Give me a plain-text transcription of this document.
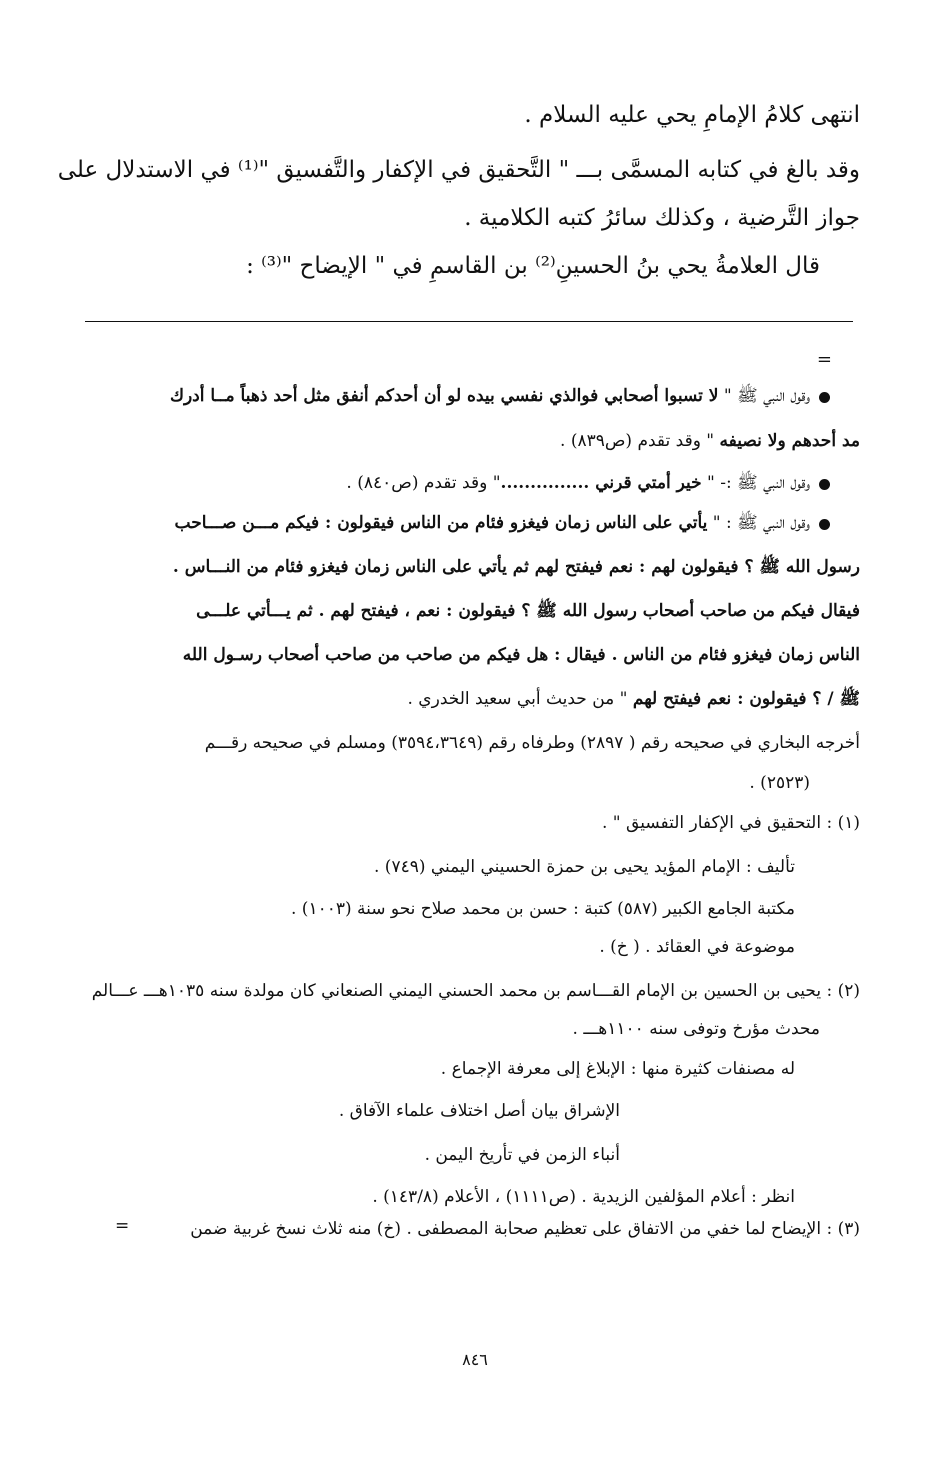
انتهى كلامُ الإمامِ يحي عليه السلام .
وقد بالغ في كتابه المسمَّى بـــ " التَّحقيق في الإكفار والتَّفسيق "⁽¹⁾ في الاستدلال على
جواز التَّرضية ، وكذلك سائرُ كتبه الكلامية .
قال العلامةُ يحي بنُ الحسينِ⁽²⁾ بن القاسمِ في " الإيضاح "⁽³⁾ :
=
وقول النبي ﷺ " لا تسبوا أصحابي فوالذي نفسي بيده لو أن أحدكم أنفق مثل أحد ذهباً مــا أدرك
مد أحدهم ولا نصيفه " وقد تقدم (ص٨٣٩) .
وقول النبي ﷺ :- " خير أمتي قرني ..............." وقد تقدم (ص٨٤٠) .
وقول النبي ﷺ : " يأتي على الناس زمان فيغزو فئام من الناس فيقولون : فيكم مـــن صـــاحب
رسول الله ﷺ ؟ فيقولون لهم : نعم فيفتح لهم ثم يأتي على الناس زمان فيغزو فئام من النـــاس .
فيقال فيكم من صاحب أصحاب رسول الله ﷺ ؟ فيقولون : نعم ، فيفتح لهم . ثم يـــأتي علـــى
الناس زمان فيغزو فئام من الناس . فيقال : هل فيكم من صاحب من صاحب أصحاب رسـول الله
ﷺ / ؟ فيقولون : نعم فيفتح لهم " من حديث أبي سعيد الخدري .
أخرجه البخاري في صحيحه رقم ( ٢٨٩٧) وطرفاه رقم (٣٥٩٤،٣٦٤٩) ومسلم في صحيحه رقـــم
(٢٥٢٣) .
(١) : التحقيق في الإكفار التفسيق " .
تأليف : الإمام المؤيد يحيى بن حمزة الحسيني اليمني (٧٤٩) .
مكتبة الجامع الكبير (٥٨٧) كتبة : حسن بن محمد صلاح نحو سنة (١٠٠٣) .
موضوعة في العقائد . ( خ) .
(٢) : يحيى بن الحسين بن الإمام القـــاسم بن محمد الحسني اليمني الصنعاني كان مولدة سنه ١٠٣٥هـــ عـــالم
محدث مؤرخ وتوفى سنه ١١٠٠هـــ .
له مصنفات كثيرة منها : الإبلاغ إلى معرفة الإجماع .
الإشراق بيان أصل اختلاف علماء الآفاق .
أنباء الزمن في تأريخ اليمن .
انظر : أعلام المؤلفين الزيدية . (ص١١١١) ، الأعلام (١٤٣/٨) .
(٣) : الإيضاح لما خفي من الاتفاق على تعظيم صحابة المصطفى . (خ) منه ثلاث نسخ غربية ضمن
=
٨٤٦
